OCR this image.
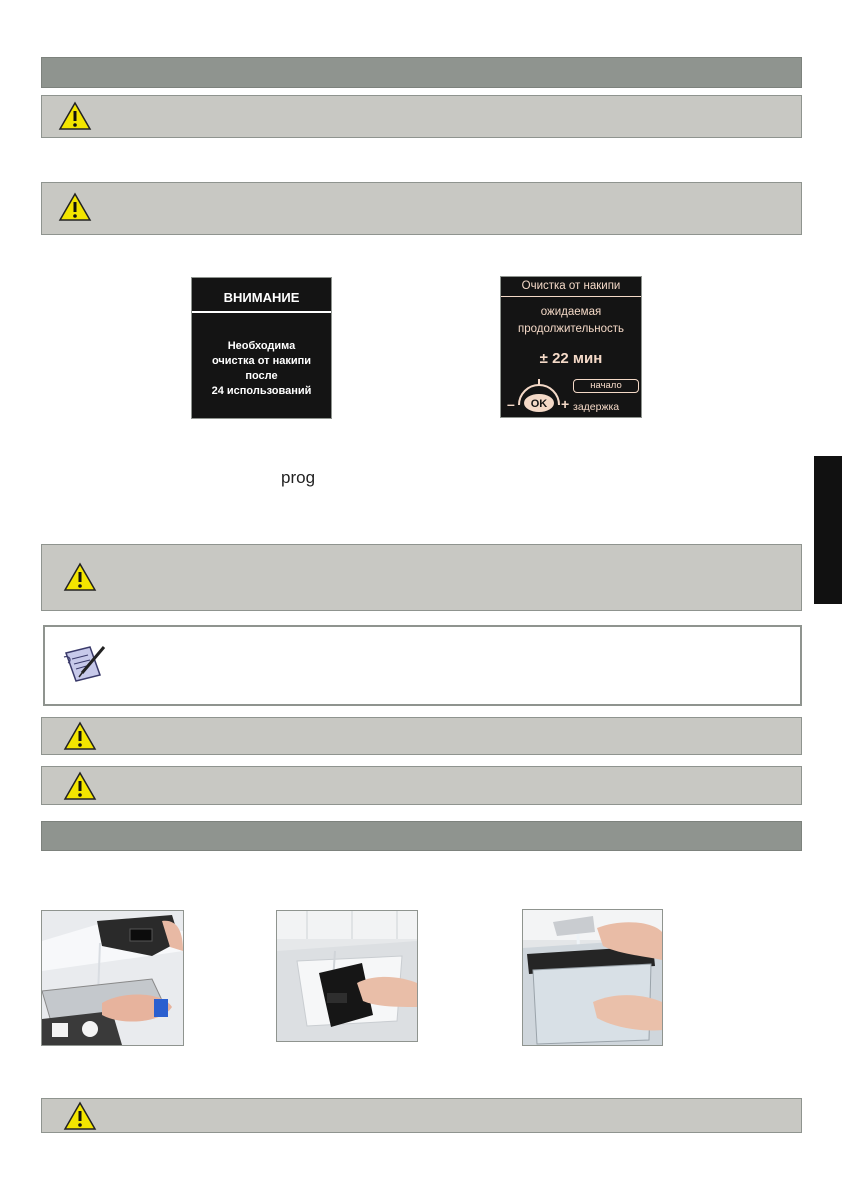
ВНИМАНИЕ
Необходима
очистка от накипи
после
24 использований
Очистка от накипи
ожидаемая
продолжительность
± 22 мин
OK
–	+
начало
задержка
prog
